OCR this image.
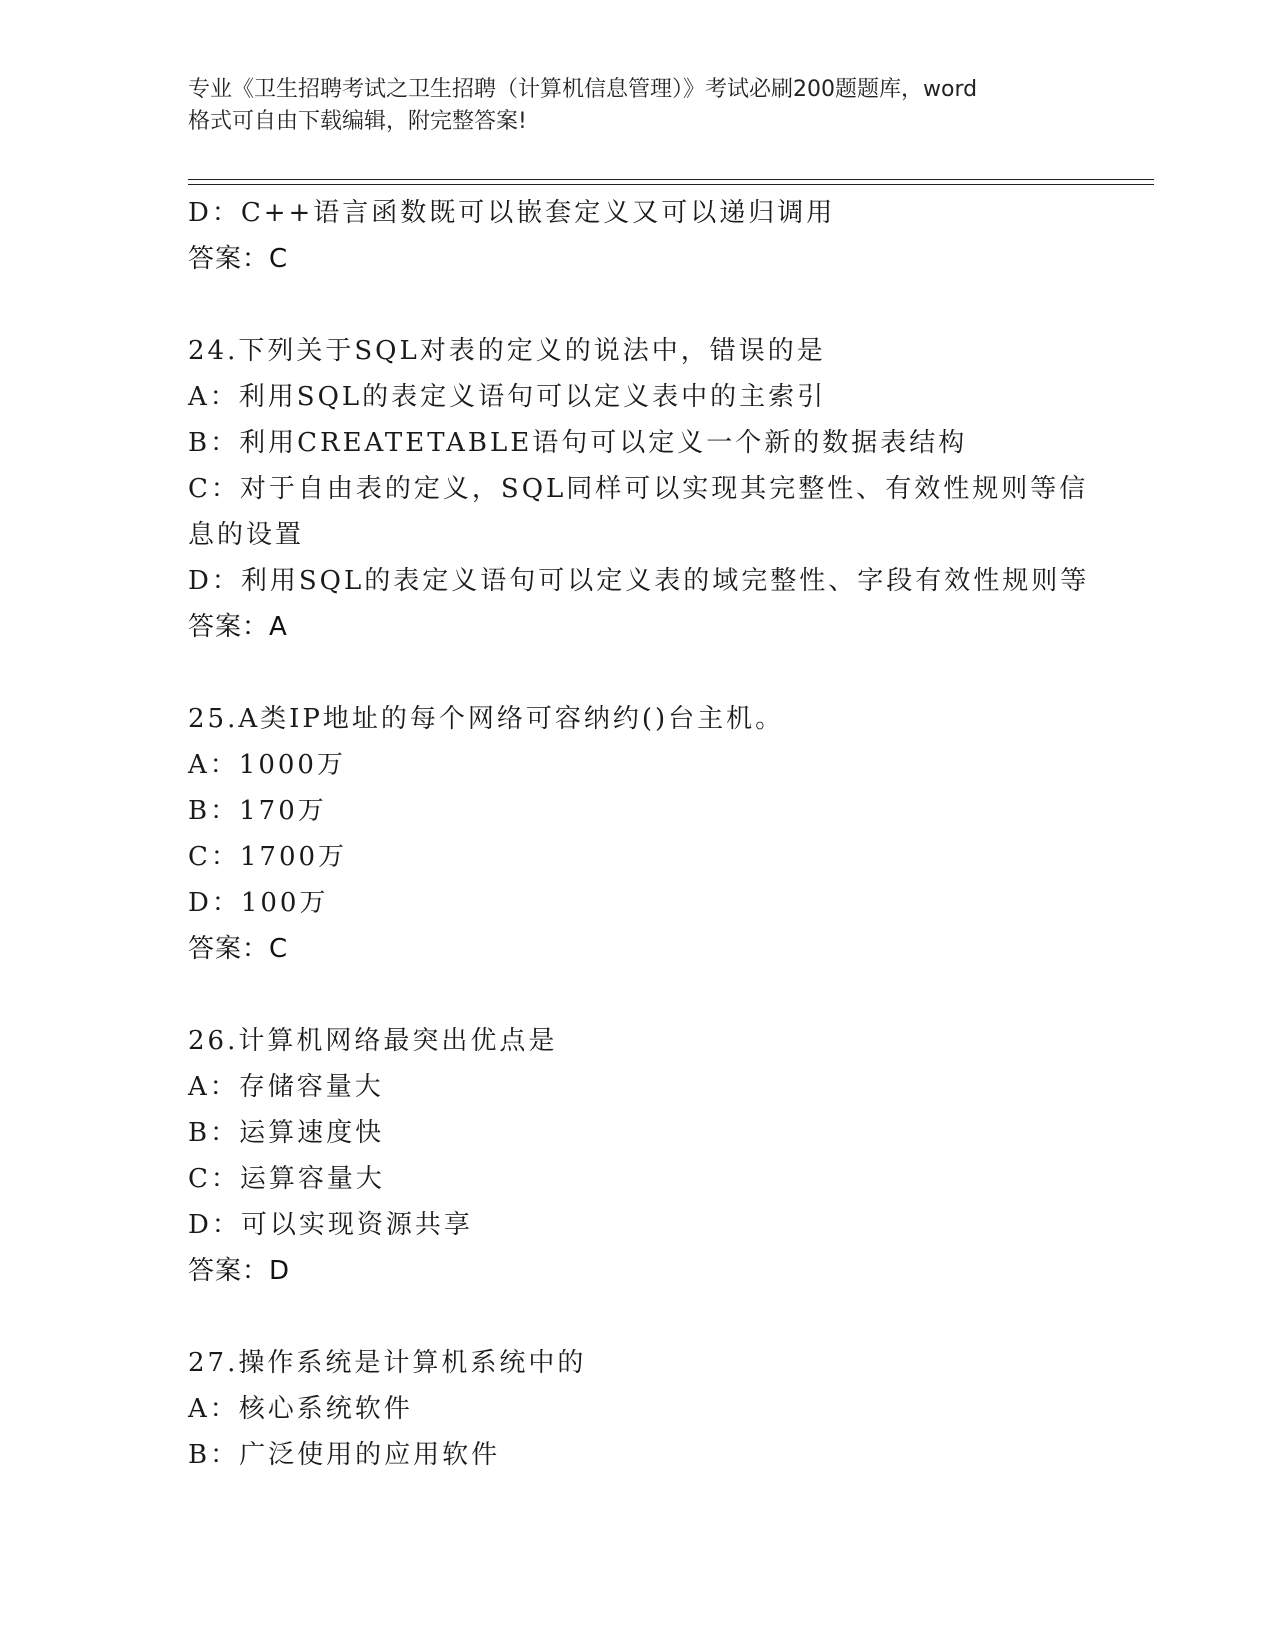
专业《卫生招聘考试之卫生招聘（计算机信息管理）》考试必刷200题题库，word
格式可自由下载编辑，附完整答案!
D：C++语言函数既可以嵌套定义又可以递归调用
答案：C
24.下列关于SQL对表的定义的说法中，错误的是
A：利用SQL的表定义语句可以定义表中的主索引
B：利用CREATETABLE语句可以定义一个新的数据表结构
C：对于自由表的定义，SQL同样可以实现其完整性、有效性规则等信
息的设置
D：利用SQL的表定义语句可以定义表的域完整性、字段有效性规则等
答案：A
25.A类IP地址的每个网络可容纳约()台主机。
A：1000万
B：170万
C：1700万
D：100万
答案：C
26.计算机网络最突出优点是
A：存储容量大
B：运算速度快
C：运算容量大
D：可以实现资源共享
答案：D
27.操作系统是计算机系统中的
A：核心系统软件
B：广泛使用的应用软件
